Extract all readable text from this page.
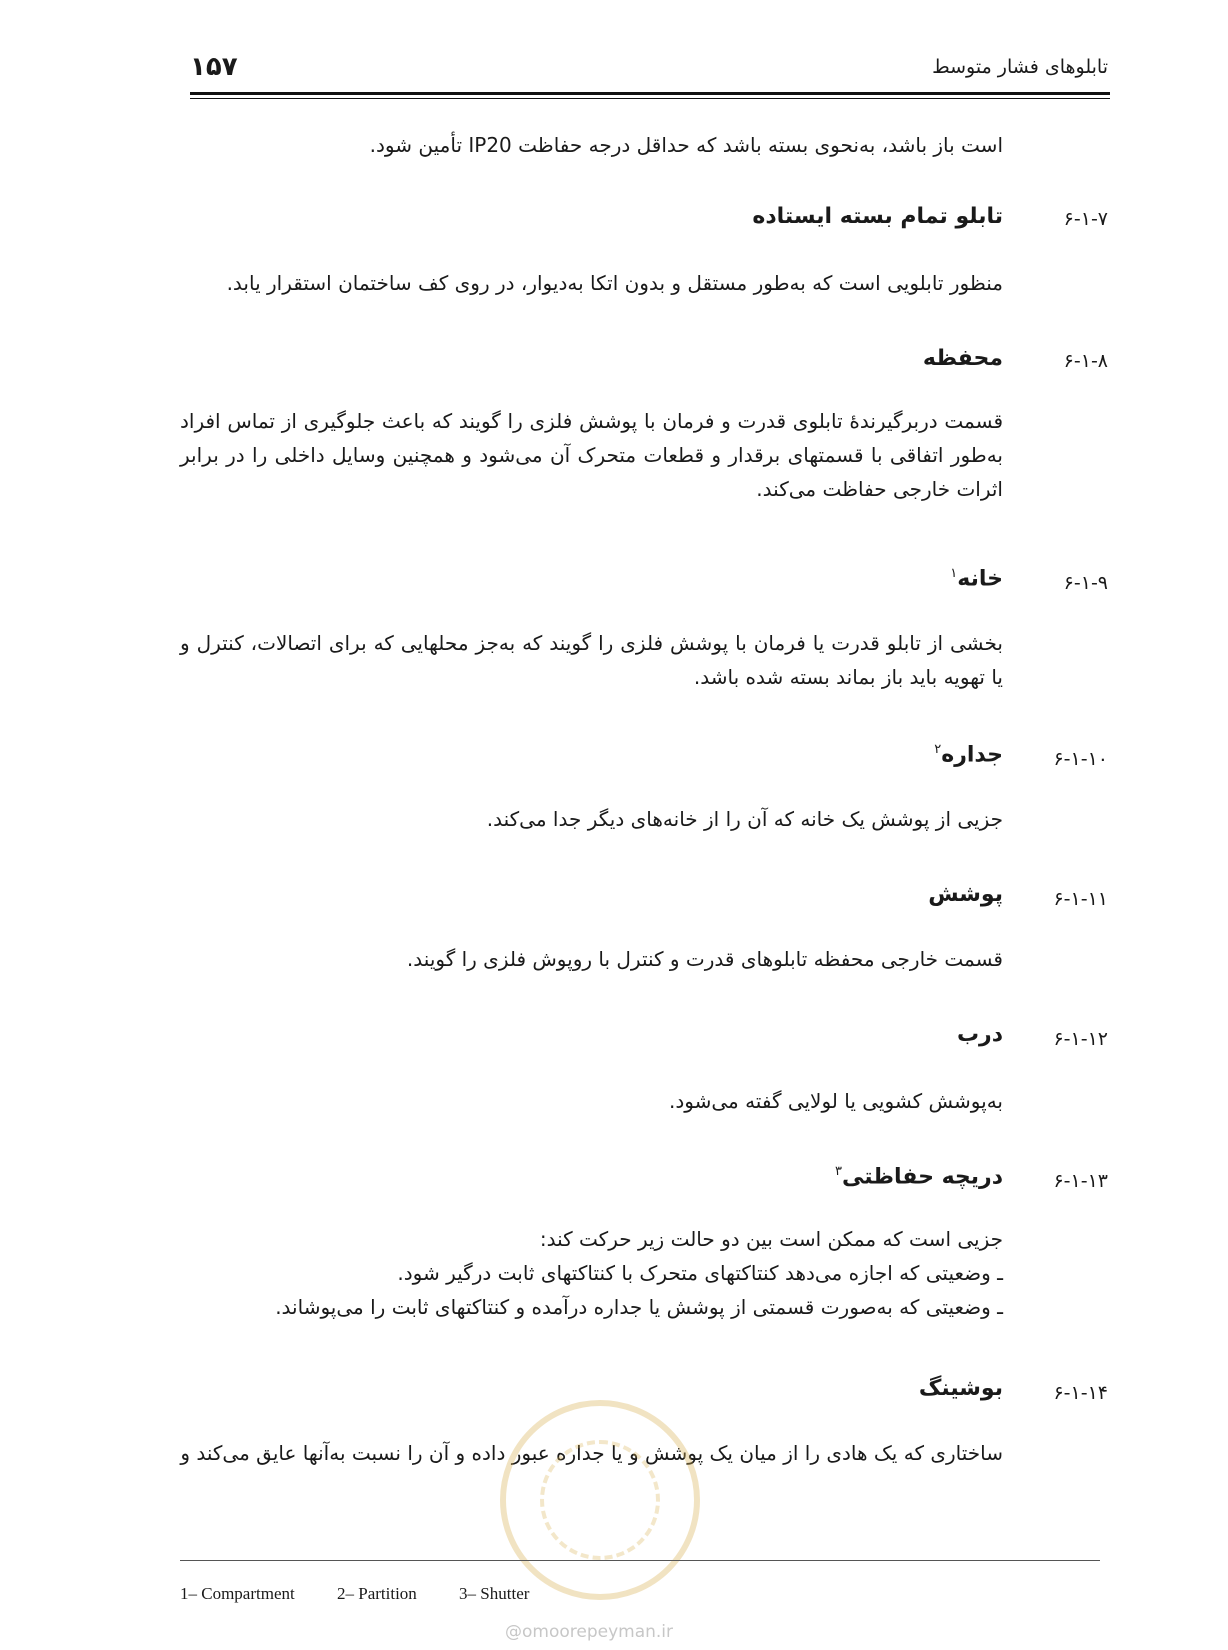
۱۵۷	تابلوهای فشار متوسط
است باز باشد، به‌نحوی بسته باشد که حداقل درجه حفاظت IP20 تأمین شود.
۶-۱-۷
تابلو تمام بسته ایستاده
منظور تابلویی است که به‌طور مستقل و بدون اتکا به‌دیوار، در روی کف ساختمان استقرار یابد.
۶-۱-۸
محفظه
قسمت دربرگیرندهٔ تابلوی قدرت و فرمان با پوشش فلزی را گویند که باعث جلوگیری از تماس افراد به‌طور اتفاقی با قسمتهای برقدار و قطعات متحرک آن می‌شود و همچنین وسایل داخلی را در برابر اثرات خارجی حفاظت می‌کند.
۶-۱-۹
خانه$^۱$
بخشی از تابلو قدرت یا فرمان با پوشش فلزی را گویند که به‌جز محلهایی که برای اتصالات، کنترل و یا تهویه باید باز بماند بسته شده باشد.
۶-۱-۱۰
جداره$^۲$
جزیی از پوشش یک خانه که آن را از خانه‌های دیگر جدا می‌کند.
۶-۱-۱۱
پوشش
قسمت خارجی محفظه تابلوهای قدرت و کنترل با روپوش فلزی را گویند.
۶-۱-۱۲
درب
به‌پوشش کشویی یا لولایی گفته می‌شود.
۶-۱-۱۳
دریچه حفاظتی$^۳$
جزیی است که ممکن است بین دو حالت زیر حرکت کند:
ـ وضعیتی که اجازه می‌دهد کنتاکتهای متحرک با کنتاکتهای ثابت درگیر شود.
ـ وضعیتی که به‌صورت قسمتی از پوشش یا جداره درآمده و کنتاکتهای ثابت را می‌پوشاند.
۶-۱-۱۴
بوشینگ
ساختاری که یک هادی را از میان یک پوشش و یا جداره عبور داده و آن را نسبت به‌آنها عایق می‌کند و
1– Compartment 2– Partition 3– Shutter
@omoorepeyman.ir
